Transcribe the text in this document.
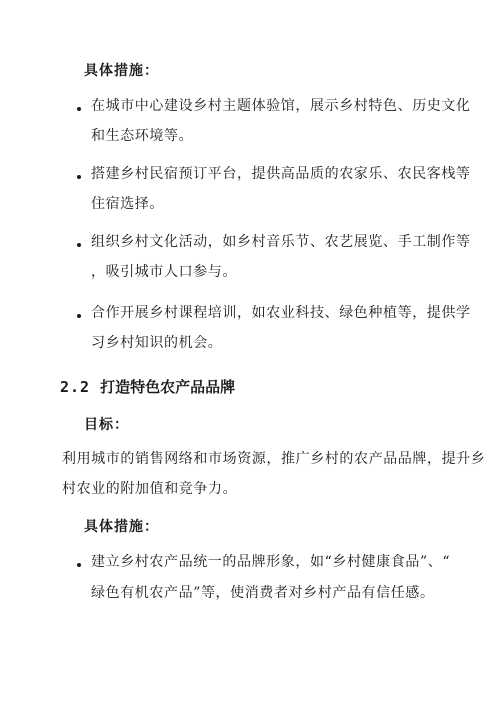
具体措施：
在城市中心建设乡村主题体验馆，展示乡村特色、历史文化
和生态环境等。
搭建乡村民宿预订平台，提供高品质的农家乐、农民客栈等
住宿选择。
组织乡村文化活动，如乡村音乐节、农艺展览、手工制作等
，吸引城市人口参与。
合作开展乡村课程培训，如农业科技、绿色种植等，提供学
习乡村知识的机会。
2.2 打造特色农产品品牌
目标：
利用城市的销售网络和市场资源，推广乡村的农产品品牌，提升乡
村农业的附加值和竞争力。
具体措施：
建立乡村农产品统一的品牌形象，如“乡村健康食品”、“
绿色有机农产品”等，使消费者对乡村产品有信任感。
